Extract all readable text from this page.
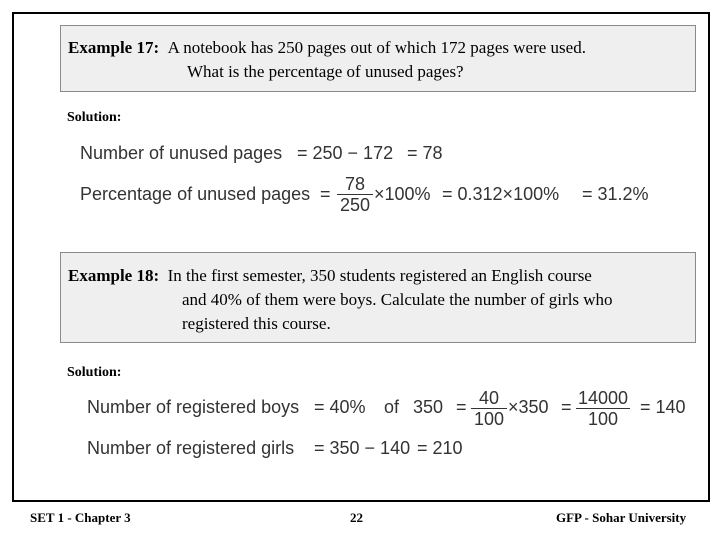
Example 17:
A notebook has 250 pages out of which 172 pages were used.
What is the percentage of unused pages?
Solution:
Number of unused pages = 250 − 172 = 78
Percentage of unused pages = $\frac{78}{250} \times 100\% = 0.312\times 100\% = 31.2\%$
Example 18:
In the first semester, 350 students registered an English course
and 40% of them were boys. Calculate the number of girls who
registered this course.
Solution:
Number of registered boys = 40% of $350 = \frac{40}{100} \times 350 = \frac{14000}{100} = 140$
Number of registered girls = 350 − 140 = 210
SET 1 - Chapter 3	22	GFP - Sohar University
